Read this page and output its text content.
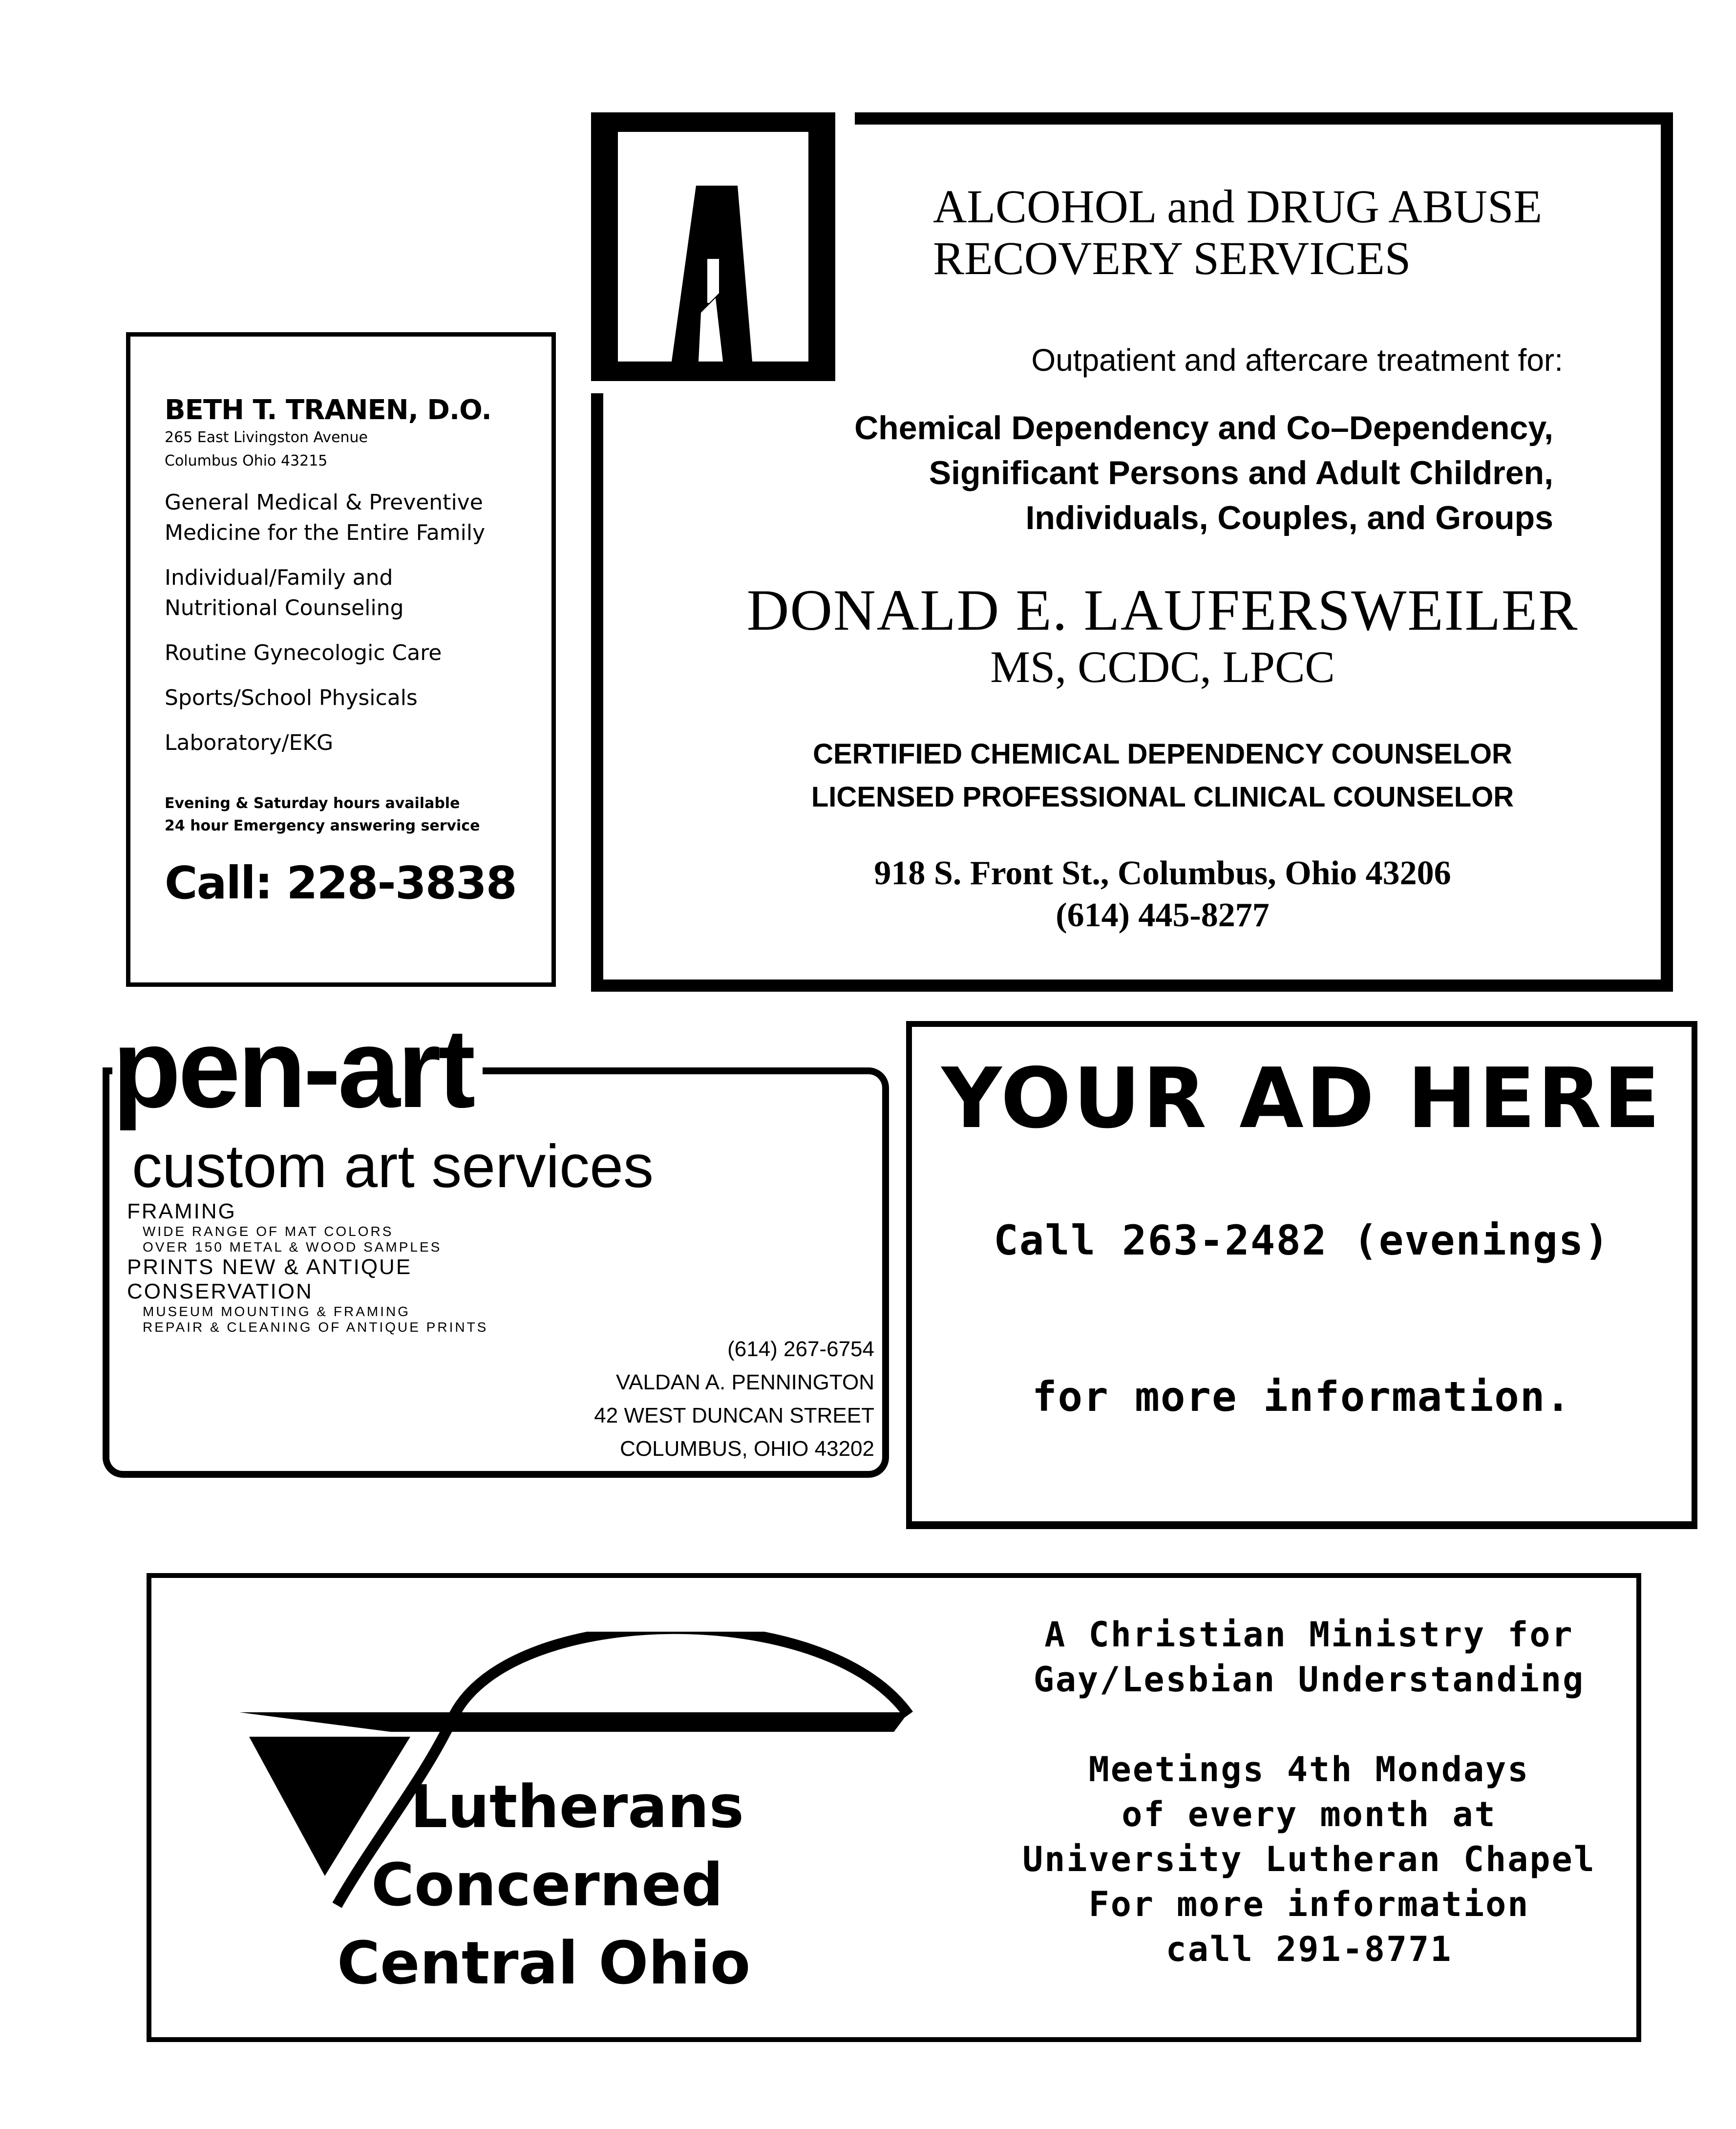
BETH T. TRANEN, D.O.
265 East Livingston Avenue
Columbus Ohio 43215
General Medical & Preventive
Medicine for the Entire Family
Individual/Family and
Nutritional Counseling
Routine Gynecologic Care
Sports/School Physicals
Laboratory/EKG
Evening & Saturday hours available
24 hour Emergency answering service
Call: 228-3838
ALCOHOL and DRUG ABUSE
RECOVERY SERVICES
Outpatient and aftercare treatment for:
Chemical Dependency and Co–Dependency,
Significant Persons and Adult Children,
Individuals, Couples, and Groups
DONALD E. LAUFERSWEILER
MS, CCDC, LPCC
CERTIFIED CHEMICAL DEPENDENCY COUNSELOR
LICENSED PROFESSIONAL CLINICAL COUNSELOR
918 S. Front St., Columbus, Ohio 43206
(614) 445-8277
pen-art
custom art services
FRAMING
WIDE RANGE OF MAT COLORS
OVER 150 METAL & WOOD SAMPLES
PRINTS NEW & ANTIQUE
CONSERVATION
MUSEUM MOUNTING & FRAMING
REPAIR & CLEANING OF ANTIQUE PRINTS
(614) 267-6754
VALDAN A. PENNINGTON
42 WEST DUNCAN STREET
COLUMBUS, OHIO 43202
YOUR AD HERE
Call 263-2482 (evenings)
for more information.
Lutherans
Concerned
Central Ohio
A Christian Ministry for
Gay/Lesbian Understanding
Meetings 4th Mondays
of every month at
University Lutheran Chapel
For more information
call 291-8771
